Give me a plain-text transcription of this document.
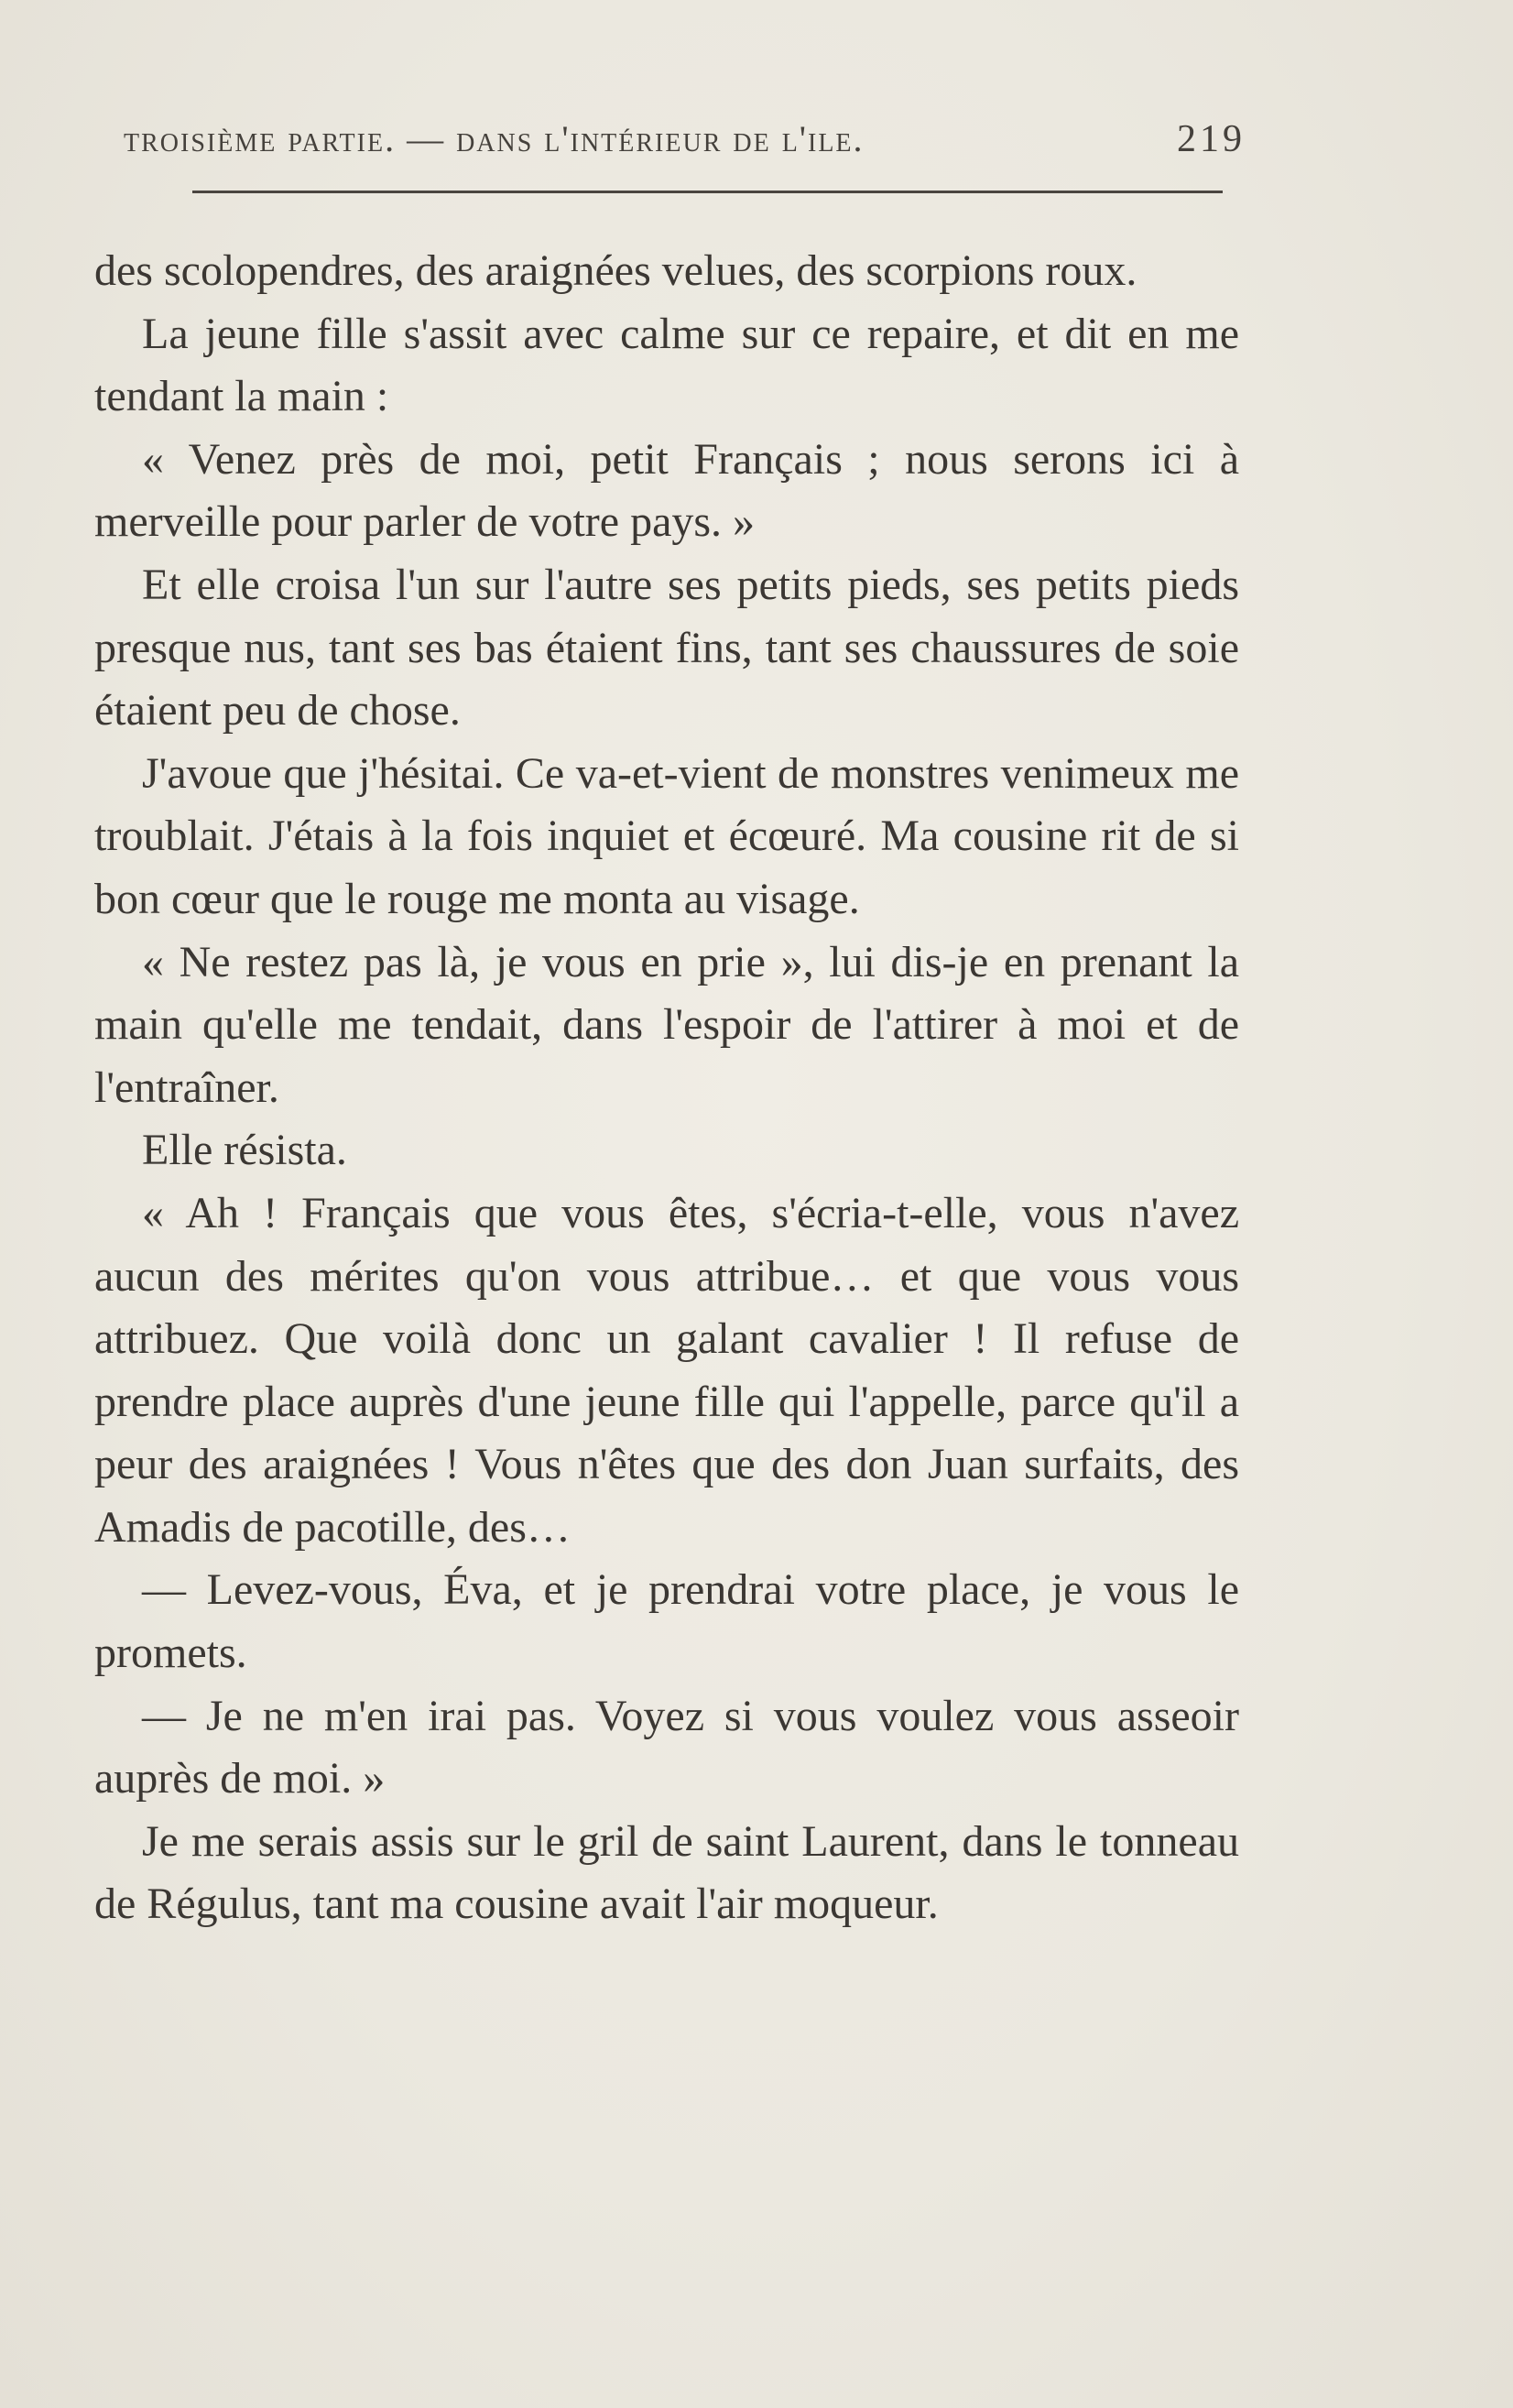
troisième partie. — dans l'intérieur de l'ile.	219

des scolopendres, des araignées velues, des scorpions roux.

La jeune fille s'assit avec calme sur ce repaire, et dit en me tendant la main :

« Venez près de moi, petit Français ; nous serons ici à merveille pour parler de votre pays. »

Et elle croisa l'un sur l'autre ses petits pieds, ses petits pieds presque nus, tant ses bas étaient fins, tant ses chaussures de soie étaient peu de chose.

J'avoue que j'hésitai. Ce va-et-vient de monstres venimeux me troublait. J'étais à la fois inquiet et écœuré. Ma cousine rit de si bon cœur que le rouge me monta au visage.

« Ne restez pas là, je vous en prie », lui dis-je en prenant la main qu'elle me tendait, dans l'espoir de l'attirer à moi et de l'entraîner.

Elle résista.

« Ah ! Français que vous êtes, s'écria-t-elle, vous n'avez aucun des mérites qu'on vous attribue… et que vous vous attribuez. Que voilà donc un galant cavalier ! Il refuse de prendre place auprès d'une jeune fille qui l'appelle, parce qu'il a peur des araignées ! Vous n'êtes que des don Juan surfaits, des Amadis de pacotille, des…

— Levez-vous, Éva, et je prendrai votre place, je vous le promets.

— Je ne m'en irai pas. Voyez si vous voulez vous asseoir auprès de moi. »

Je me serais assis sur le gril de saint Laurent, dans le tonneau de Régulus, tant ma cousine avait l'air moqueur.
